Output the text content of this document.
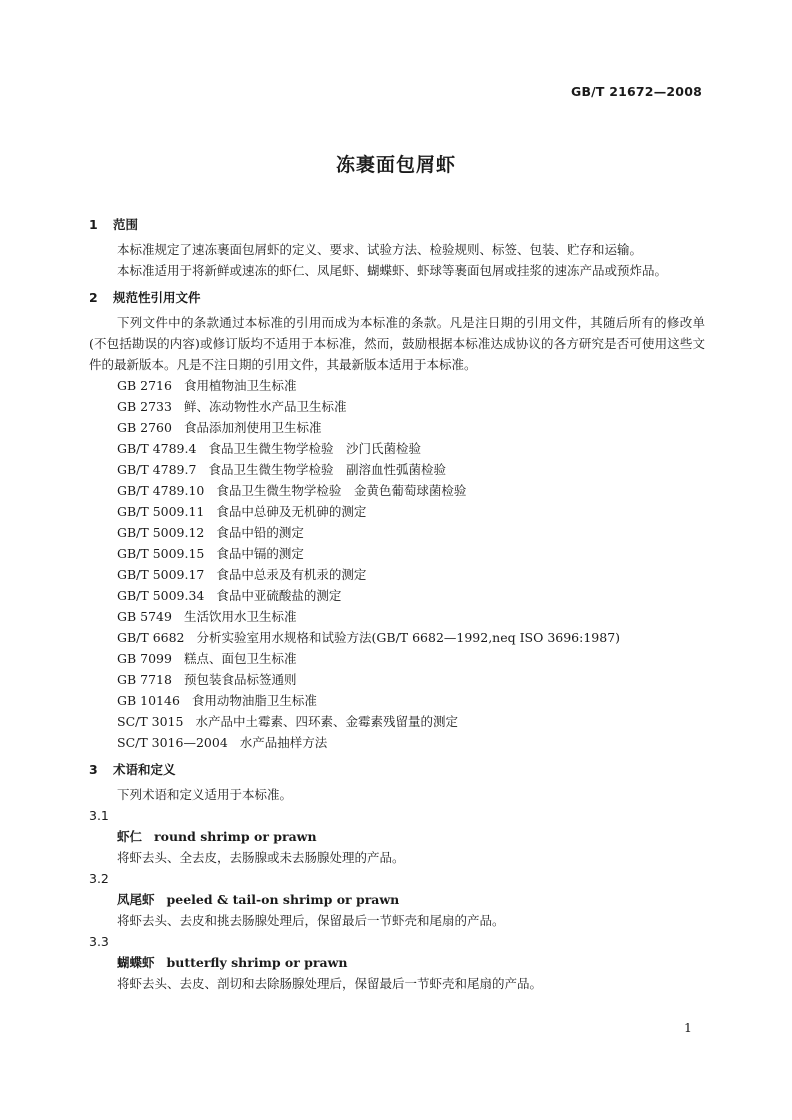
GB/T 21672—2008
冻裹面包屑虾
1 范围
本标准规定了速冻裹面包屑虾的定义、要求、试验方法、检验规则、标签、包装、贮存和运输。
本标准适用于将新鲜或速冻的虾仁、凤尾虾、蝴蝶虾、虾球等裹面包屑或挂浆的速冻产品或预炸品。
2 规范性引用文件
下列文件中的条款通过本标准的引用而成为本标准的条款。凡是注日期的引用文件，其随后所有的修改单(不包括勘误的内容)或修订版均不适用于本标准，然而，鼓励根据本标准达成协议的各方研究是否可使用这些文件的最新版本。凡是不注日期的引用文件，其最新版本适用于本标准。
GB 2716 食用植物油卫生标准
GB 2733 鲜、冻动物性水产品卫生标准
GB 2760 食品添加剂使用卫生标准
GB/T 4789.4 食品卫生微生物学检验　沙门氏菌检验
GB/T 4789.7 食品卫生微生物学检验　副溶血性弧菌检验
GB/T 4789.10 食品卫生微生物学检验　金黄色葡萄球菌检验
GB/T 5009.11 食品中总砷及无机砷的测定
GB/T 5009.12 食品中铅的测定
GB/T 5009.15 食品中镉的测定
GB/T 5009.17 食品中总汞及有机汞的测定
GB/T 5009.34 食品中亚硫酸盐的测定
GB 5749 生活饮用水卫生标准
GB/T 6682 分析实验室用水规格和试验方法(GB/T 6682—1992,neq ISO 3696:1987)
GB 7099 糕点、面包卫生标准
GB 7718 预包装食品标签通则
GB 10146 食用动物油脂卫生标准
SC/T 3015 水产品中土霉素、四环素、金霉素残留量的测定
SC/T 3016—2004 水产品抽样方法
3 术语和定义
下列术语和定义适用于本标准。
3.1
虾仁 round shrimp or prawn
将虾去头、全去皮，去肠腺或未去肠腺处理的产品。
3.2
凤尾虾 peeled & tail-on shrimp or prawn
将虾去头、去皮和挑去肠腺处理后，保留最后一节虾壳和尾扇的产品。
3.3
蝴蝶虾 butterfly shrimp or prawn
将虾去头、去皮、剖切和去除肠腺处理后，保留最后一节虾壳和尾扇的产品。
1
